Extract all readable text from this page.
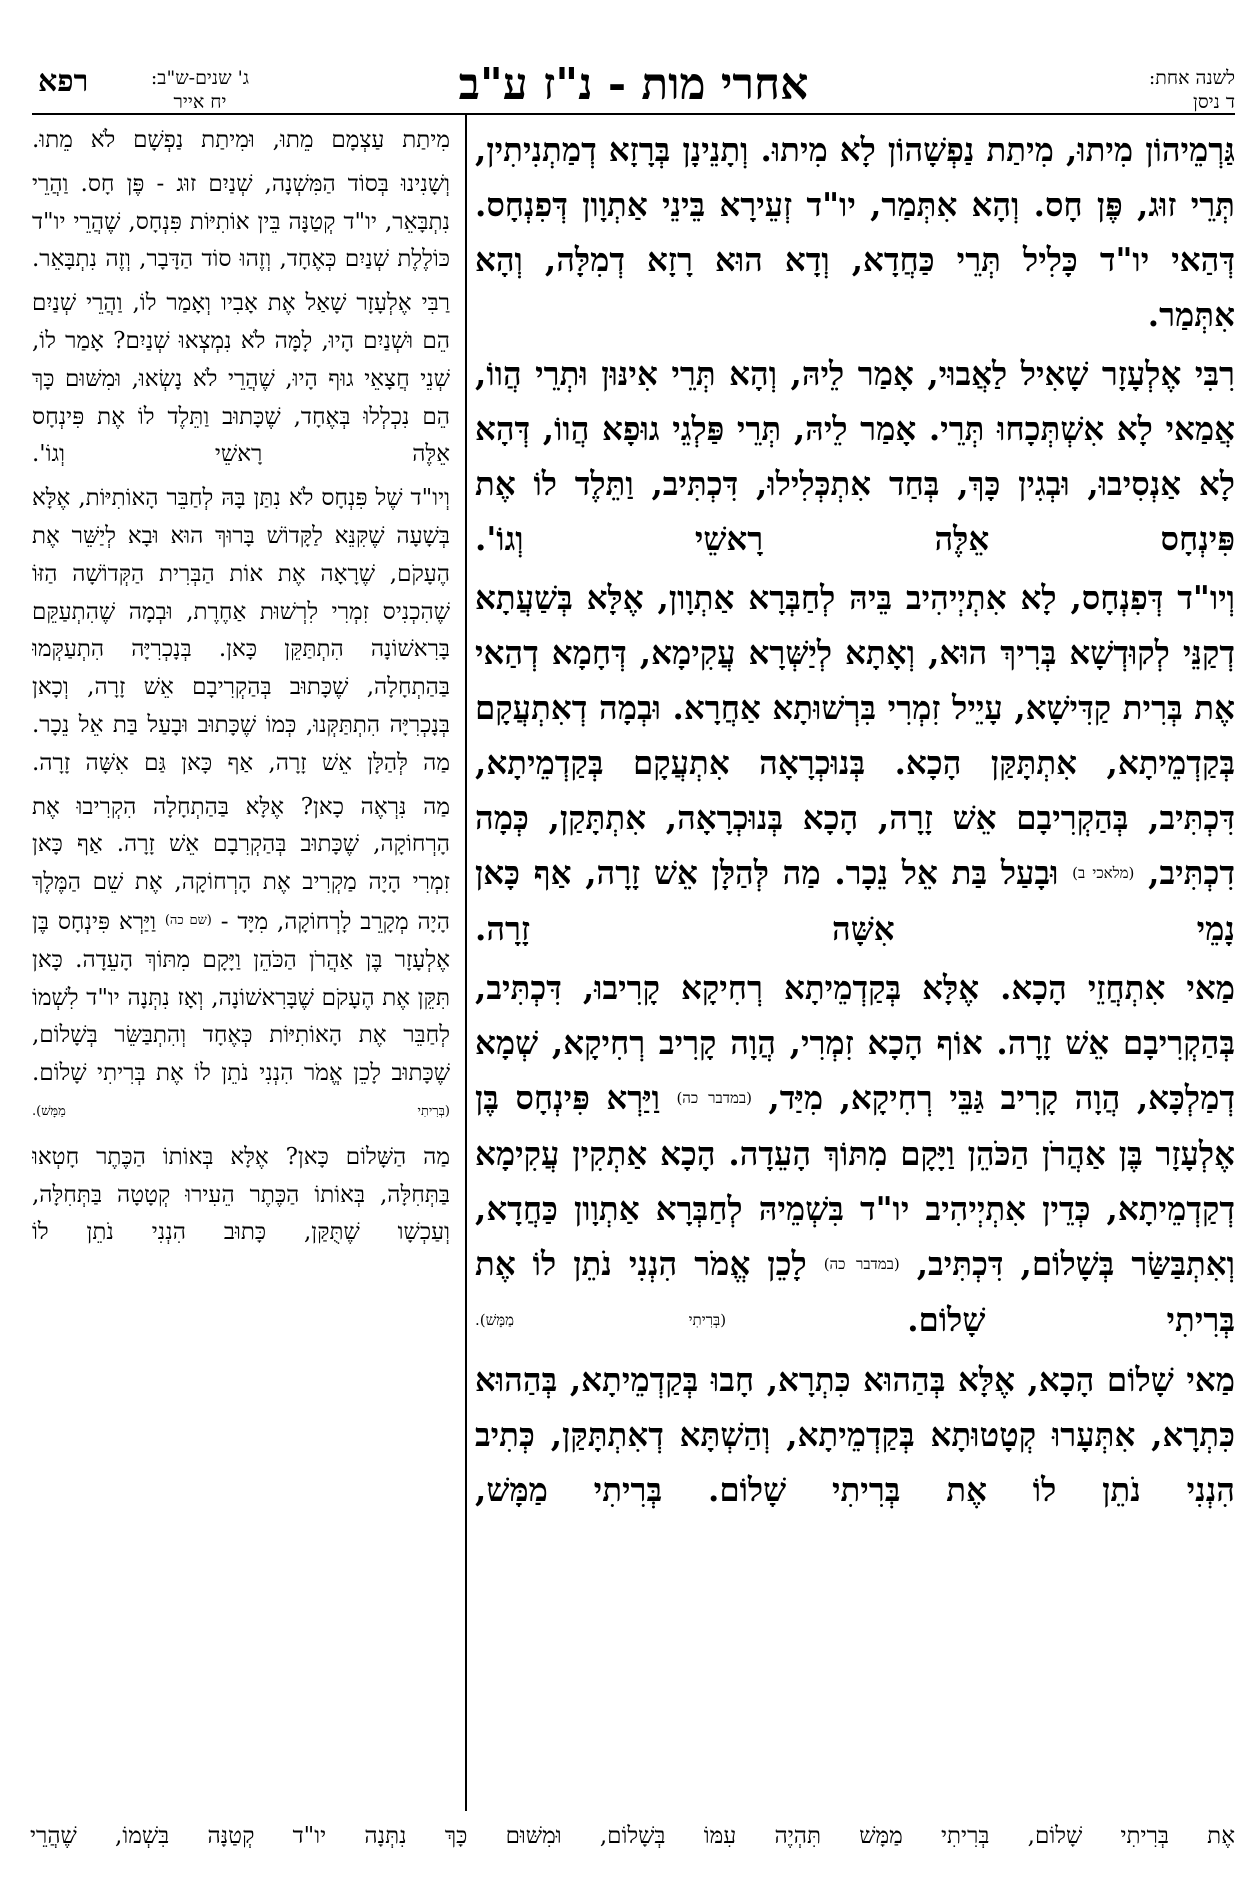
לשנה אחת:
ד ניסן
אחרי מות - נ"ז ע"ב
ג' שנים-ש"ב:
יח אייר
רפא

גַּרְמֵיהוֹן מִיתוּ, מִיתַת נַפְשָׁהוֹן לָא מִיתוּ. וְתָנֵינָן בְּרָזָא דְמַתְנִיתִין, תְּרֵי זוּג, פֶּן חָס. וְהָא אִתְּמַר, יו"ד זְעֵירָא בֵּינֵי אַתְוָון דְּפִנְחָס. דְּהַאי יו"ד כָּלִיל תְּרֵי כַּחֲדָא, וְדָא הוּא רָזָא דְמִלָּה, וְהָא אִתְּמַר.

רִבִּי אֶלְעָזָר שָׁאִיל לַאֲבוּי, אָמַר לֵיהּ, וְהָא תְּרֵי אִינּוּן וּתְרֵי הֲווֹ, אֲמַאי לָא אִשְׁתְּכָחוּ תְּרֵי. אָמַר לֵיהּ, תְּרֵי פַּלְגֵי גוּפָא הֲווֹ, דְּהָא לָא אַנְסִיבוּ, וּבְגִין כָּךְ, בְּחַד אִתְכְּלִילוּ, דִּכְתִּיב, וַתֵּלֶד לוֹ אֶת פִּינְחָס אֵלֶּה רָאשֵׁי וְגוֹ'.

וְיו"ד דְּפִנְחָס, לָא אִתְיְיהִיב בֵּיהּ לְחַבְּרָא אַתְוָון, אֶלָּא בְּשַׁעֲתָא דְקַנֵּי לְקוּדְשָׁא בְּרִיךְ הוּא, וְאָתָא לְיַשְּׁרָא עֲקִימָא, דְּחָמָא דְהַאי אֶת בְּרִית קַדִּישָׁא, עָיֵיל זִמְרִי בִּרְשׁוּתָא אַחֲרָא. וּבְמָה דְאִתְעֲקָם בְּקַדְמֵיתָא, אִתְתָּקַּן הָכָא. בְּנוּכְרָאָה אִתְעֲקָם בְּקַדְמֵיתָא, דִּכְתִּיב, בְּהַקְרִיבָם אֵשׁ זָרָה, הָכָא בְּנוּכְרָאָה, אִתְתָּקַן, כְּמָה דִכְתִּיב, (מלאכי ב) וּבָעַל בַּת אֵל נֵכָר. מַה לְּהַלָּן אֵשׁ זָרָה, אַף כָּאן נָמֵי אִשָּׁה זָרָה.

מַאי אִתְחֲזֵי הָכָא. אֶלָּא בְּקַדְמֵיתָא רְחִיקָא קָרִיבוּ, דִּכְתִּיב, בְּהַקְרִיבָם אֵשׁ זָרָה. אוֹף הָכָא זִמְרִי, הֲוָה קָרִיב רְחִיקָא, שְׁמָא דְמַלְכָּא, הֲוָה קָרִיב גַּבֵּי רְחִיקָא, מִיַּד, (במדבר כה) וַיַּרְא פִּינְחָס בֶּן אֶלְעָזָר בֶּן אַהֲרֹן הַכֹּהֵן וַיָּקָם מִתּוֹךְ הָעֵדָה. הָכָא אַתְקִין עֲקִימָא דְקַדְמֵיתָא, כְּדֵין אִתְיְיהִיב יו"ד בִּשְׁמֵיהּ לְחַבְּרָא אַתְוָון כַּחֲדָא, וְאִתְבַּשַּׂר בְּשָׁלוֹם, דִּכְתִּיב, (במדבר כה) לָכֵן אֱמֹר הִנְנִי נֹתֵן לוֹ אֶת בְּרִיתִי שָׁלוֹם. (בְּרִיתִי מַמָּשׁ).

מַאי שָׁלוֹם הָכָא, אֶלָּא בְּהַהוּא כִּתְרָא, חָבוּ בְּקַדְמֵיתָא, בְּהַהוּא כִּתְרָא, אִתְּעָרוּ קְטָטוּתָא בְּקַדְמֵיתָא, וְהַשְׁתָּא דְאִתְתָּקַּן, כְּתִיב הִנְנִי נֹתֵן לוֹ אֶת בְּרִיתִי שָׁלוֹם. בְּרִיתִי מַמָּשׁ,

מִיתַת עַצְמָם מֵתוּ, וּמִיתַת נַפְשָׁם לֹא מֵתוּ.

וְשָׁנִינוּ בְּסוֹד הַמִּשְׁנָה, שְׁנַיִם זוּג - פֶּן חָס. וַהֲרֵי נִתְבָּאֵר, יו"ד קְטַנָּה בֵּין אוֹתִיּוֹת פִּנְחָס, שֶׁהֲרֵי יו"ד כּוֹלֶלֶת שְׁנַיִם כְּאֶחָד, וְזֶהוּ סוֹד הַדָּבָר, וְזֶה נִתְבָּאֵר.

רַבִּי אֶלְעָזָר שָׁאַל אֶת אָבִיו וְאָמַר לוֹ, וַהֲרֵי שְׁנַיִם הֵם וּשְׁנַיִם הָיוּ, לָמָּה לֹא נִמְצְאוּ שְׁנַיִם? אָמַר לוֹ, שְׁנֵי חֲצָאֵי גוּף הָיוּ, שֶׁהֲרֵי לֹא נָשְׂאוּ, וּמִשּׁוּם כָּךְ הֵם נִכְלְלוּ בְּאֶחָד, שֶׁכָּתוּב וַתֵּלֶד לוֹ אֶת פִּינְחָס אֵלֶּה רָאשֵׁי וְגוֹ'.

וְיו"ד שֶׁל פִּנְחָס לֹא נִתַּן בָּהּ לְחַבֵּר הָאוֹתִיּוֹת, אֶלָּא בְּשָׁעָה שֶׁקִּנֵּא לַקָּדוֹשׁ בָּרוּךְ הוּא וּבָא לְיַשֵּׁר אֶת הֶעָקֹם, שֶׁרָאָה אֶת אוֹת הַבְּרִית הַקְּדוֹשָׁה הַזּוֹ שֶׁהִכְנִיס זִמְרִי לִרְשׁוּת אַחֶרֶת, וּבְמָה שֶׁהִתְעַקֵּם בָּרִאשׁוֹנָה הִתְתַּקֵּן כָּאן. בְּנָכְרִיָּה הִתְעַקְּמוּ בַּהַתְחָלָה, שֶׁכָּתוּב בְּהַקְרִיבָם אֵשׁ זָרָה, וְכָאן בְּנָכְרִיָּה הִתְתַּקְּנוּ, כְּמוֹ שֶׁכָּתוּב וּבָעַל בַּת אֵל נֵכָר. מַה לְּהַלָּן אֵשׁ זָרָה, אַף כָּאן גַּם אִשָּׁה זָרָה.

מַה נִּרְאֶה כָאן? אֶלָּא בַּהַתְחָלָה הִקְרִיבוּ אֶת הָרְחוֹקָה, שֶׁכָּתוּב בְּהַקְרִבָם אֵשׁ זָרָה. אַף כָּאן זִמְרִי הָיָה מַקְרִיב אֶת הָרְחוֹקָה, אֶת שֵׁם הַמֶּלֶךְ הָיָה מְקָרֵב לָרְחוֹקָה, מִיָּד - $^{(שם כה)}$ וַיַּרְא פִּינְחָס בֶּן אֶלְעָזָר בֶּן אַהֲרֹן הַכֹּהֵן וַיָּקָם מִתּוֹךְ הָעֵדָה. כָּאן תִּקֵּן אֶת הֶעָקֹם שֶׁבָּרִאשׁוֹנָה, וְאָז נִתְּנָה יו"ד לִשְׁמוֹ לְחַבֵּר אֶת הָאוֹתִיּוֹת כְּאֶחָד וְהִתְבַּשֵּׂר בְּשָׁלוֹם, שֶׁכָּתוּב לָכֵן אֱמֹר הִנְנִי נֹתֵן לוֹ אֶת בְּרִיתִי שָׁלוֹם. $^{(בְּרִיתִי מַמָּשׁ).}$

מַה הַשָּׁלוֹם כָּאן? אֶלָּא בְּאוֹתוֹ הַכֶּתֶר חָטְאוּ בַּתְּחִלָּה, בְּאוֹתוֹ הַכֶּתֶר הֵעִירוּ קְטָטָה בַּתְּחִלָּה, וְעַכְשָׁו שֶׁתֻּקַּן, כָּתוּב הִנְנִי נֹתֵן לוֹ

אֶת בְּרִיתִי שָׁלוֹם, בְּרִיתִי מַמָּשׁ תִּהְיֶה עִמּוֹ בְּשָׁלוֹם, וּמִשּׁוּם כָּךְ נִתְּנָה יו"ד קְטַנָּה בִּשְׁמוֹ, שֶׁהֲרֵי
